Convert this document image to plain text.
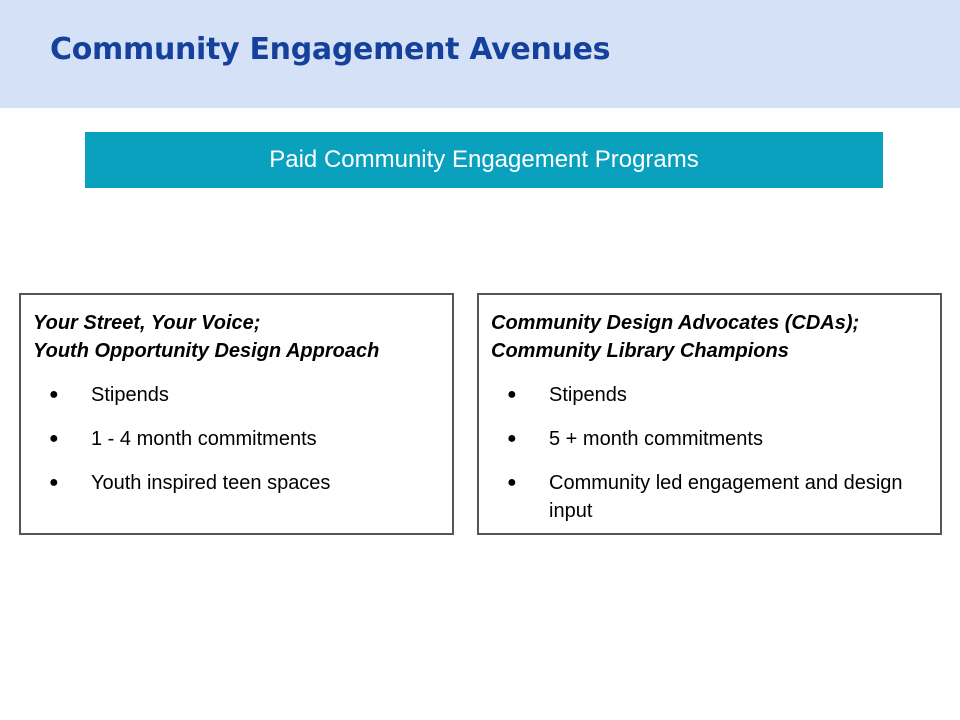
Community Engagement Avenues
Paid Community Engagement Programs
Your Street, Your Voice;
Youth Opportunity Design Approach
● Stipends
● 1 - 4 month commitments
● Youth inspired teen spaces
Community Design Advocates (CDAs);
Community Library Champions
● Stipends
● 5 + month commitments
● Community led engagement and design input
